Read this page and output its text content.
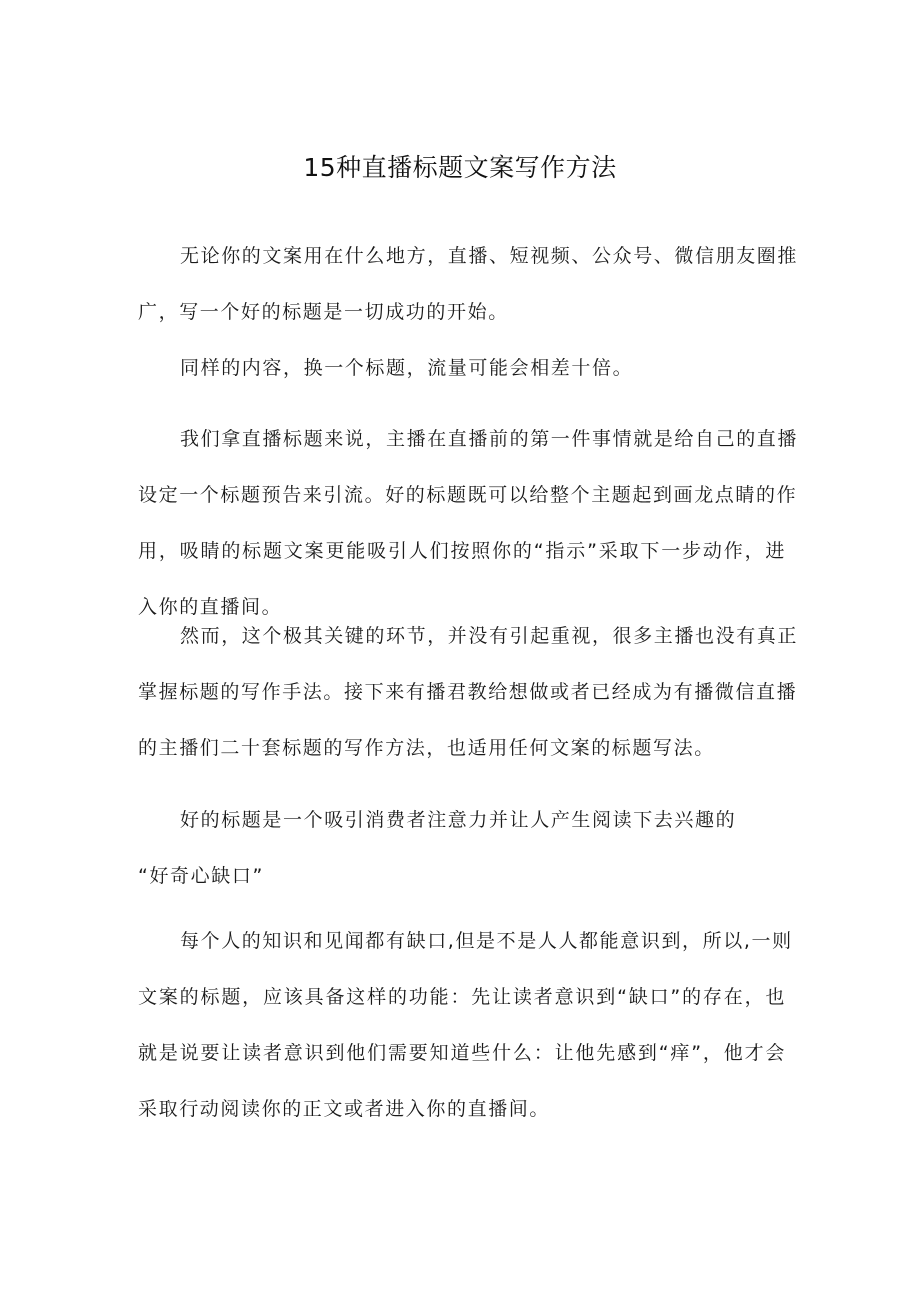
15种直播标题文案写作方法

无论你的文案用在什么地方，直播、短视频、公众号、微信朋友圈推
广，写一个好的标题是一切成功的开始。

同样的内容，换一个标题，流量可能会相差十倍。

我们拿直播标题来说，主播在直播前的第一件事情就是给自己的直播
设定一个标题预告来引流。好的标题既可以给整个主题起到画龙点睛的作
用，吸睛的标题文案更能吸引人们按照你的“指示”采取下一步动作，进
入你的直播间。

然而，这个极其关键的环节，并没有引起重视，很多主播也没有真正
掌握标题的写作手法。接下来有播君教给想做或者已经成为有播微信直播
的主播们二十套标题的写作方法，也适用任何文案的标题写法。

好的标题是一个吸引消费者注意力并让人产生阅读下去兴趣的
“好奇心缺口”

每个人的知识和见闻都有缺口,但是不是人人都能意识到，所以,一则
文案的标题，应该具备这样的功能：先让读者意识到“缺口”的存在，也
就是说要让读者意识到他们需要知道些什么：让他先感到“痒”，他才会
采取行动阅读你的正文或者进入你的直播间。
